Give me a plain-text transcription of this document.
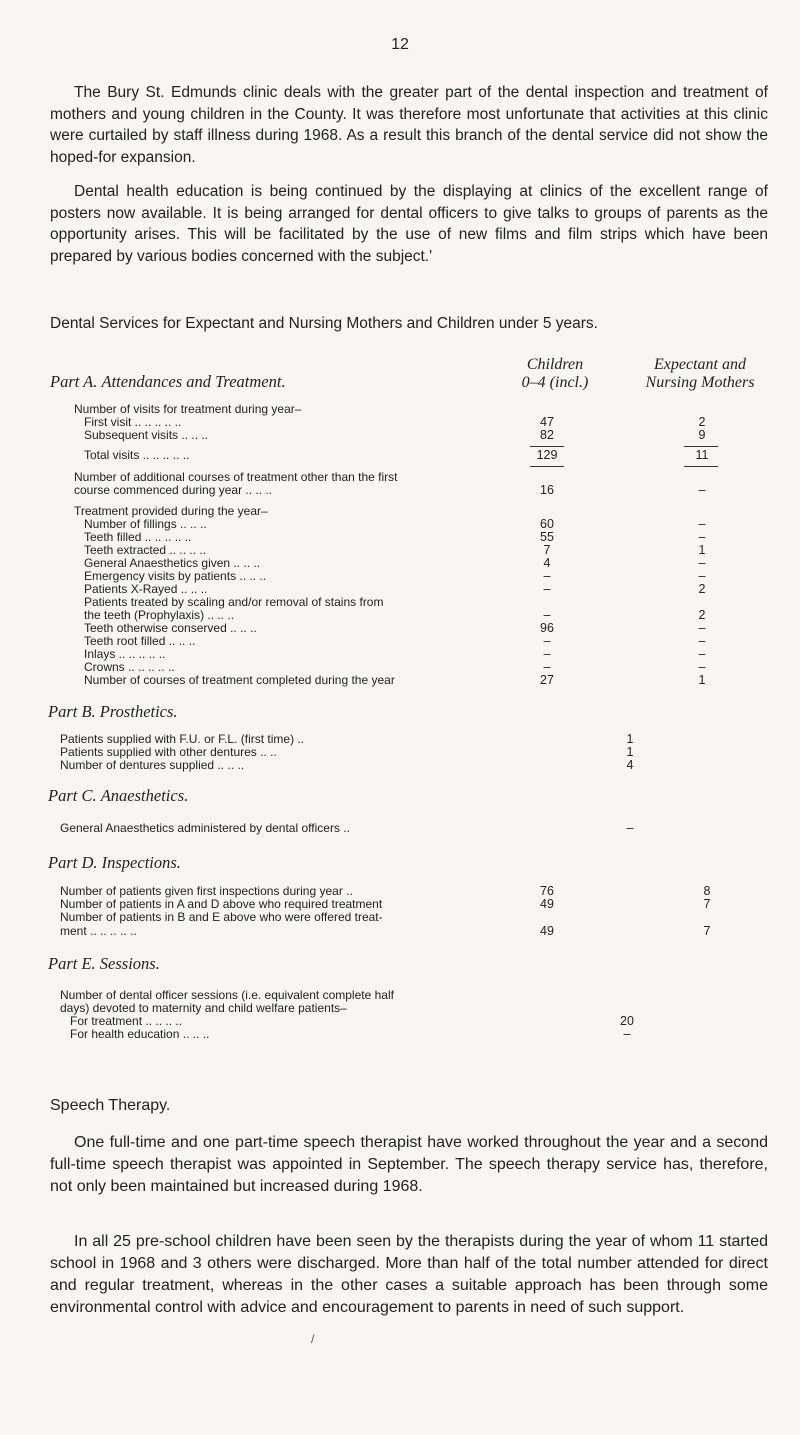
12

The Bury St. Edmunds clinic deals with the greater part of the dental inspection and treatment of mothers and young children in the County. It was therefore most unfortunate that activities at this clinic were curtailed by staff illness during 1968. As a result this branch of the dental service did not show the hoped-for expansion.

Dental health education is being continued by the displaying at clinics of the excellent range of posters now available. It is being arranged for dental officers to give talks to groups of parents as the opportunity arises. This will be facilitated by the use of new films and film strips which have been prepared by various bodies concerned with the subject.'

Dental Services for Expectant and Nursing Mothers and Children under 5 years.
Children
0–4 (incl.)
Expectant and
Nursing Mothers
Part A. Attendances and Treatment.
Number of visits for treatment during year–
First visit .. .. .. .. ..	47	2
Subsequent visits .. .. ..	82	9
Total visits .. .. .. .. ..	129	11
Number of additional courses of treatment other than the first
course commenced during year .. .. ..	16	–
Treatment provided during the year–
Number of fillings .. .. ..	60	–
Teeth filled .. .. .. .. ..	55	–
Teeth extracted .. .. .. ..	7	1
General Anaesthetics given .. .. ..	4	–
Emergency visits by patients .. .. ..	–	–
Patients X-Rayed .. .. ..	–	2
Patients treated by scaling and/or removal of stains from
the teeth (Prophylaxis) .. .. ..	–	2
Teeth otherwise conserved .. .. ..	96	–
Teeth root filled .. .. ..	–	–
Inlays .. .. .. .. ..	–	–
Crowns .. .. .. .. ..	–	–
Number of courses of treatment completed during the year	27	1
Part B. Prosthetics.
Patients supplied with F.U. or F.L. (first time) ..	1
Patients supplied with other dentures .. ..	1
Number of dentures supplied .. .. ..	4
Part C. Anaesthetics.
General Anaesthetics administered by dental officers ..	–
Part D. Inspections.
Number of patients given first inspections during year ..	76	8
Number of patients in A and D above who required treatment	49	7
Number of patients in B and E above who were offered treat-
ment .. .. .. .. ..	49	7
Part E. Sessions.
Number of dental officer sessions (i.e. equivalent complete half
days) devoted to maternity and child welfare patients–
For treatment .. .. .. ..	20
For health education .. .. ..	–
Speech Therapy.

One full-time and one part-time speech therapist have worked throughout the year and a second full-time speech therapist was appointed in September. The speech therapy service has, therefore, not only been maintained but increased during 1968.

In all 25 pre-school children have been seen by the therapists during the year of whom 11 started school in 1968 and 3 others were discharged. More than half of the total number attended for direct and regular treatment, whereas in the other cases a suitable approach has been through some environmental control with advice and encouragement to parents in need of such support.

/
